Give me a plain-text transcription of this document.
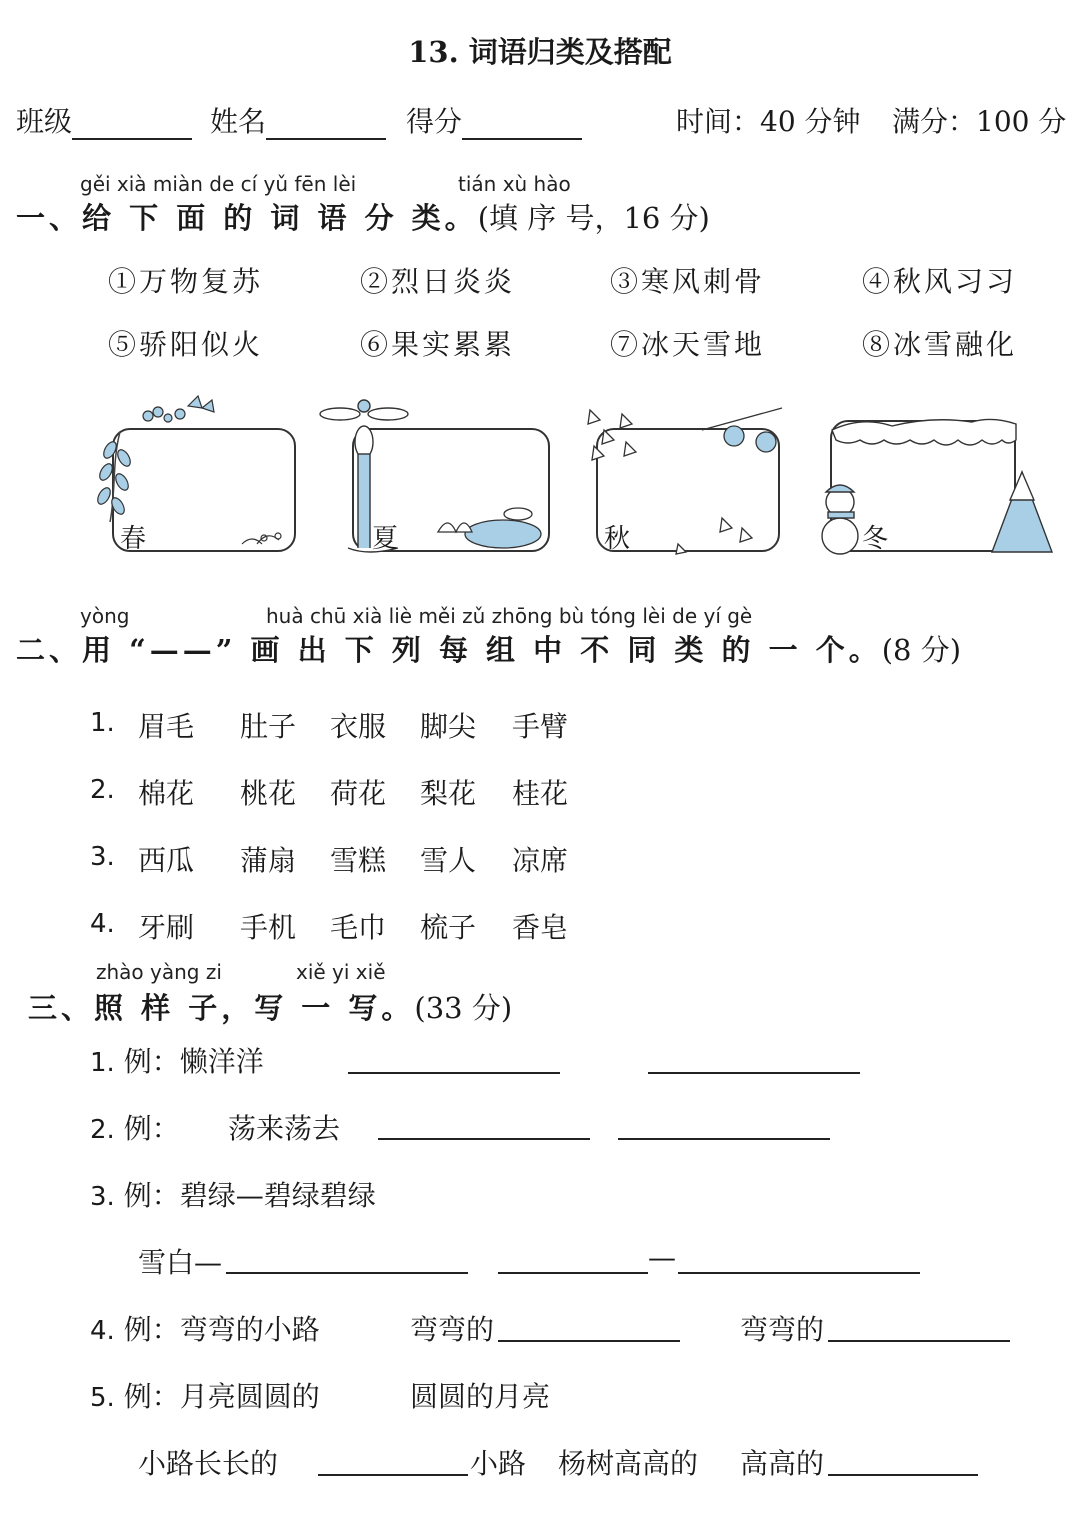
13. 词语归类及搭配
班级	姓名	得分	时间：40 分钟 满分：100 分
gěi xià miàn de cí yǔ fēn lèi	tián xù hào
一、给 下 面 的 词 语 分 类。(填 序 号，16 分)
①万物复苏	②烈日炎炎	③寒风刺骨	④秋风习习
⑤骄阳似火	⑥果实累累	⑦冰天雪地	⑧冰雪融化
春	夏	秋	冬
yòng	huà chū xià liè měi zǔ zhōng bù tóng lèi de yí gè
二、用 “——” 画 出 下 列 每 组 中 不 同 类 的 一 个。(8 分)
1. 眉毛 肚子 衣服 脚尖 手臂
2. 棉花 桃花 荷花 梨花 桂花
3. 西瓜 蒲扇 雪糕 雪人 凉席
4. 牙刷 手机 毛巾 梳子 香皂
zhào yàng zi	xiě yi xiě
三、照 样 子，写 一 写。(33 分)
1. 例：懒洋洋
2. 例： 荡来荡去
3. 例：碧绿—碧绿碧绿
雪白—	—
4. 例：弯弯的小路	弯弯的	弯弯的
5. 例：月亮圆圆的	圆圆的月亮
小路长长的	小路 杨树高高的 高高的
